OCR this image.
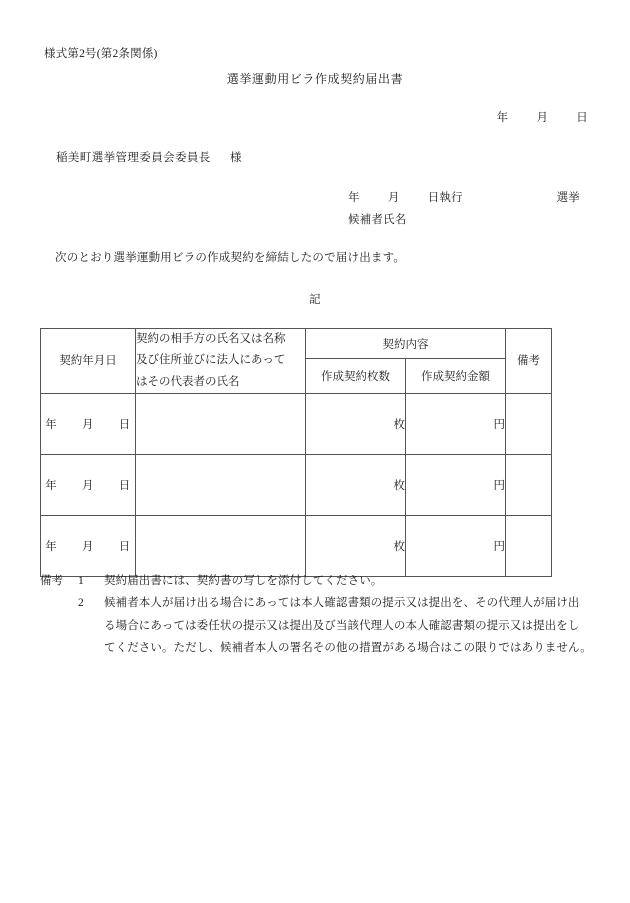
様式第2号(第2条関係)
選挙運動用ビラ作成契約届出書
年 月 日
稲美町選挙管理委員会委員長 様
年 月 日執行	選挙
候補者氏名
次のとおり選挙運動用ビラの作成契約を締結したので届け出ます。
記
契約年月日	契約の相手方の氏名又は名称
及び住所並びに法人にあって
はその代表者の氏名	契約内容		備考
		作成契約枚数	作成契約金額	
年 月 日		枚	円	
年 月 日		枚	円	
年 月 日		枚	円	
備考	1	契約届出書には、契約書の写しを添付してください。
2	候補者本人が届け出る場合にあっては本人確認書類の提示又は提出を、その代理人が届け出
る場合にあっては委任状の提示又は提出及び当該代理人の本人確認書類の提示又は提出をし
てください。ただし、候補者本人の署名その他の措置がある場合はこの限りではありません。
